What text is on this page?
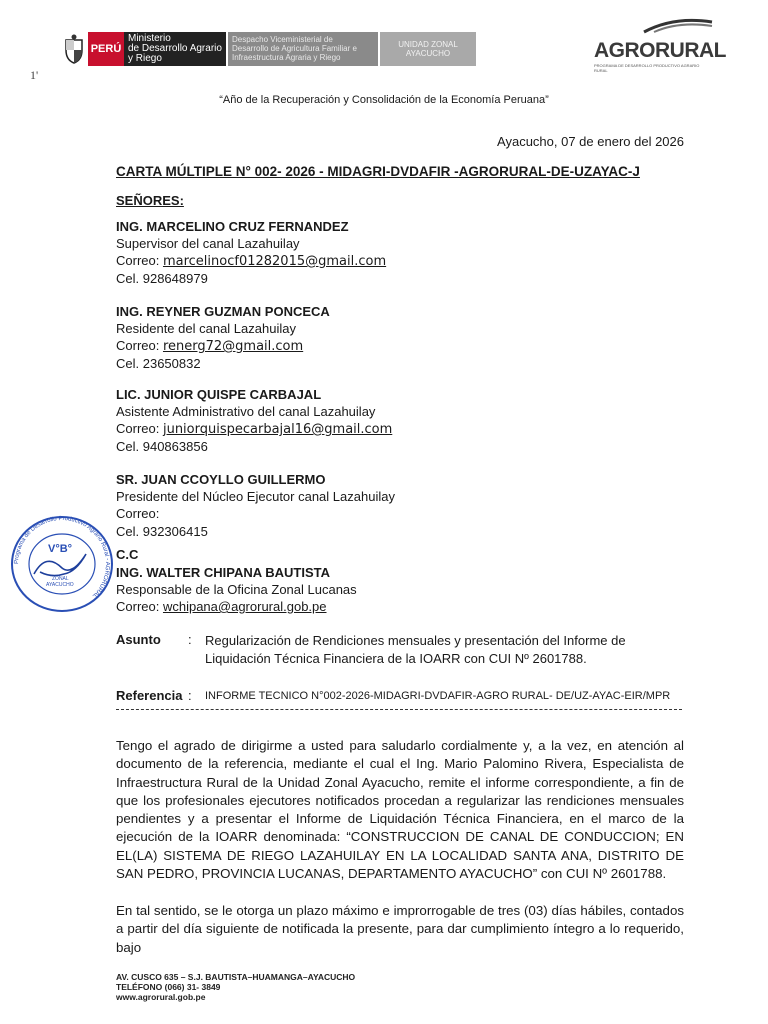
PERÚ
Ministerio
de Desarrollo Agrario
y Riego
Despacho Viceministerial de
Desarrollo de Agricultura Familiar e
Infraestructura Agraria y Riego
UNIDAD ZONAL
AYACUCHO	AGRORURAL
PROGRAMA DE DESARROLLO PRODUCTIVO AGRARIO RURAL
1'
“Año de la Recuperación y Consolidación de la Economía Peruana”
Ayacucho, 07 de enero del 2026
CARTA MÚLTIPLE N° 002- 2026 - MIDAGRI-DVDAFIR -AGRORURAL-DE-UZAYAC-J
SEÑORES:
ING. MARCELINO CRUZ FERNANDEZ
Supervisor del canal Lazahuilay
Correo: marcelinocf01282015@gmail.com
Cel. 928648979
ING. REYNER GUZMAN PONCECA
Residente del canal Lazahuilay
Correo: renerg72@gmail.com
Cel. 23650832
LIC. JUNIOR QUISPE CARBAJAL
Asistente Administrativo del canal Lazahuilay
Correo: juniorquispecarbajal16@gmail.com
Cel. 940863856
SR. JUAN CCOYLLO GUILLERMO
Presidente del Núcleo Ejecutor canal Lazahuilay
Correo:
Cel. 932306415
C.C
ING. WALTER CHIPANA BAUTISTA
Responsable de la Oficina Zonal Lucanas
Correo: wchipana@agrorural.gob.pe
Programa de Desarrollo Productivo Agrario Rural - AGRORURAL
V°B°
ZONAL
AYACUCHO
Asunto : Regularización de Rendiciones mensuales y presentación del Informe de Liquidación Técnica Financiera de la IOARR con CUI Nº 2601788.
Referencia : INFORME TECNICO N°002-2026-MIDAGRI-DVDAFIR-AGRO RURAL- DE/UZ-AYAC-EIR/MPR
Tengo el agrado de dirigirme a usted para saludarlo cordialmente y, a la vez, en atención al documento de la referencia, mediante el cual el Ing. Mario Palomino Rivera, Especialista de Infraestructura Rural de la Unidad Zonal Ayacucho, remite el informe correspondiente, a fin de que los profesionales ejecutores notificados procedan a regularizar las rendiciones mensuales pendientes y a presentar el Informe de Liquidación Técnica Financiera, en el marco de la ejecución de la IOARR denominada: “CONSTRUCCION DE CANAL DE CONDUCCION; EN EL(LA) SISTEMA DE RIEGO LAZAHUILAY EN LA LOCALIDAD SANTA ANA, DISTRITO DE SAN PEDRO, PROVINCIA LUCANAS, DEPARTAMENTO AYACUCHO” con CUI Nº 2601788.
En tal sentido, se le otorga un plazo máximo e improrrogable de tres (03) días hábiles, contados a partir del día siguiente de notificada la presente, para dar cumplimiento íntegro a lo requerido, bajo
AV. CUSCO 635 – S.J. BAUTISTA–HUAMANGA–AYACUCHO
TELÉFONO (066) 31- 3849
www.agrorural.gob.pe
